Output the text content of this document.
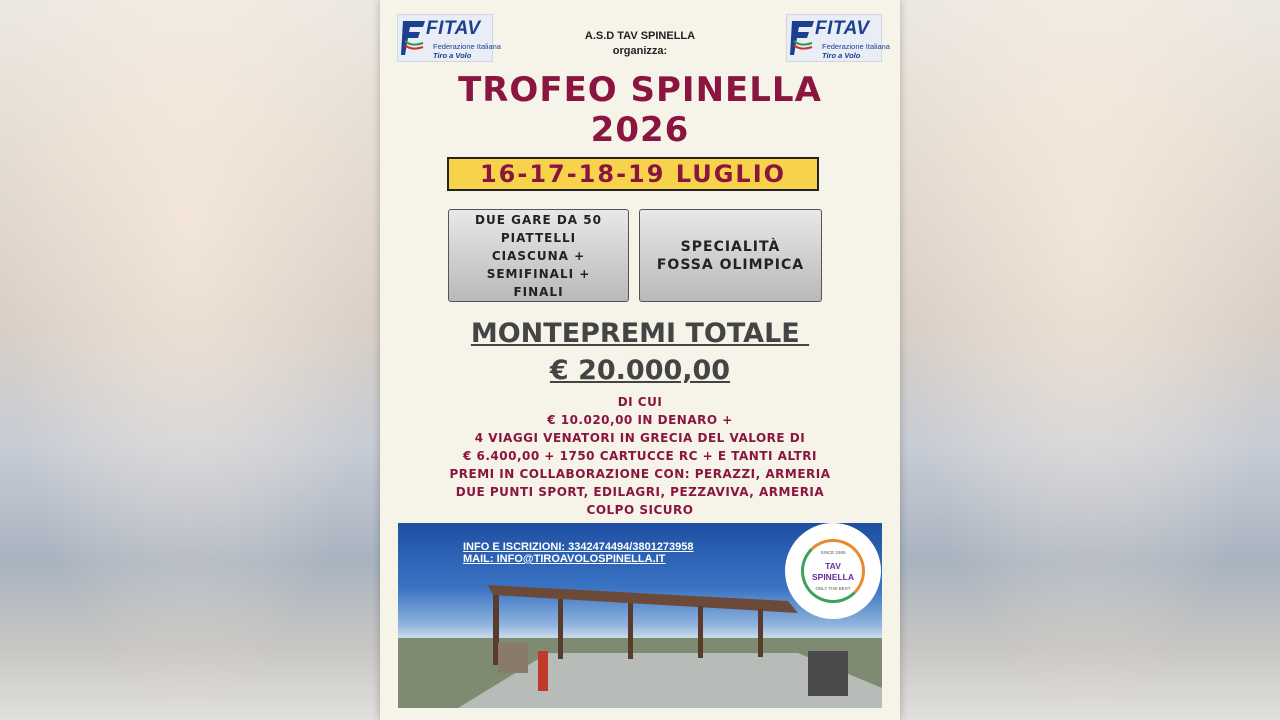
FITAV
Federazione Italiana
Tiro a Volo
FITAV
Federazione Italiana
Tiro a Volo
A.S.D TAV SPINELLA
organizza:
TROFEO SPINELLA
2026
16-17-18-19 LUGLIO
DUE GARE DA 50 PIATTELLI CIASCUNA + SEMIFINALI + FINALI
SPECIALITÀ
FOSSA OLIMPICA
MONTEPREMI TOTALE
€ 20.000,00
DI CUI
€ 10.020,00 IN DENARO +
4 VIAGGI VENATORI IN GRECIA DEL VALORE DI
€ 6.400,00 + 1750 CARTUCCE RC + E TANTI ALTRI
PREMI IN COLLABORAZIONE CON: PERAZZI, ARMERIA
DUE PUNTI SPORT, EDILAGRI, PEZZAVIVA, ARMERIA
COLPO SICURO
INFO E ISCRIZIONI: 3342474494/3801273958
MAIL: INFO@TIROAVOLOSPINELLA.IT
SINCE 1955
TAV
SPINELLA
ONLY THE BEST
